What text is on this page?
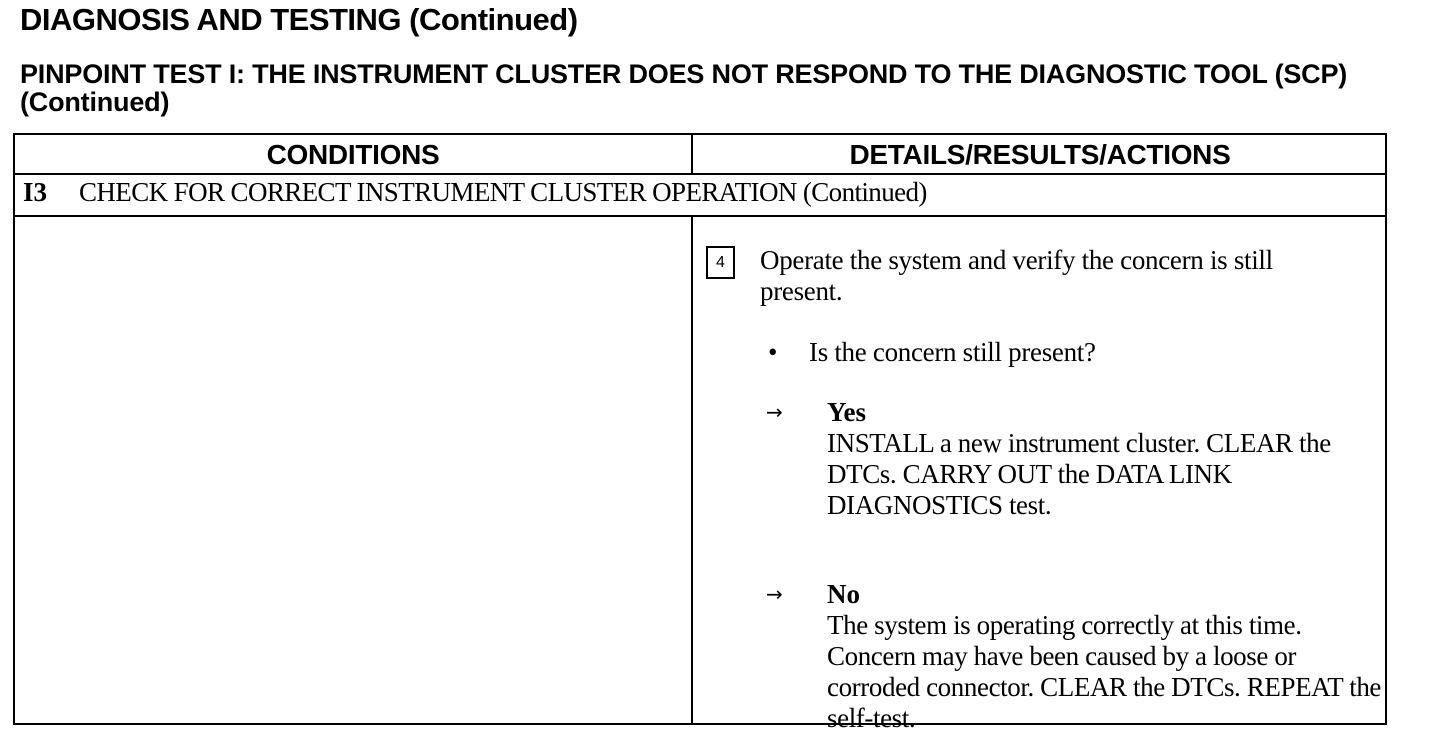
DIAGNOSIS AND TESTING (Continued)
PINPOINT TEST I: THE INSTRUMENT CLUSTER DOES NOT RESPOND TO THE DIAGNOSTIC TOOL (SCP) (Continued)
CONDITIONS	DETAILS/RESULTS/ACTIONS
I3 CHECK FOR CORRECT INSTRUMENT CLUSTER OPERATION (Continued)
4	Operate the system and verify the concern is still present.
• Is the concern still present?
→ Yes
INSTALL a new instrument cluster. CLEAR the DTCs. CARRY OUT the DATA LINK DIAGNOSTICS test.
→ No
The system is operating correctly at this time. Concern may have been caused by a loose or corroded connector. CLEAR the DTCs. REPEAT the self-test.
